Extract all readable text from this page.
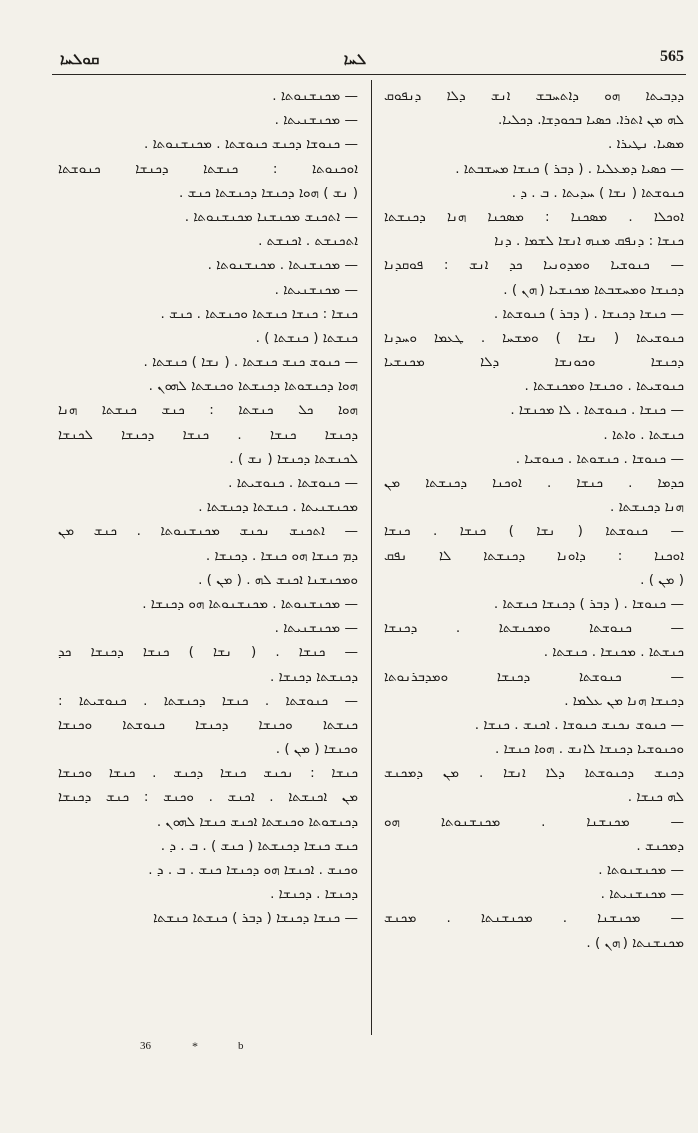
ܩܘܠܚܐ	ܠܚܐ	565
— ܡܟܢܫܢܘܬܐ .
— ܡܟܢܫܢܝܬܐ .
— ܟܢܘܫܐ ܕܟܢܫ ܟܢܘܫܬܐ . ܡܟܢܫܢܘܬܐ .
ܐܘܟܢܘܬܐ : ܟܢܫܬܐ ܕܟܢܫܐ ܟܢܘܫܬܐ
( ܢܫ ) ܗܘܐ ܕܟܢܫܐ ܕܟܢܫܬܐ ܟܢܫ .
— ܐܬܟܢܫ ܡܟܢܫܢܐ ܡܟܢܫܢܘܬܐ .
ܐܬܟܢܫܬ . ܐܟܢܫܬ .
— ܡܟܢܫܢܬܐ . ܡܟܢܫܢܘܬܐ .
— ܡܟܢܫܢܝܬܐ .
ܟܢܫܐ : ܟܢܫܐ ܟܢܫܬܐ ܘܟܢܫܬܐ . ܟܢܫ .
ܟܢܫܬܐ ( ܟܢܫܬܐ ) .
— ܟܢܘܫ ܟܢܫ ܟܢܫܬܐ . ( ܢܫܐ ) ܟܢܫܬܐ .
ܗܘܐ ܕܟܢܫܘܬܐ ܕܟܢܫܬܐ ܘܟܢܫܬܐ ܠܗܘܢ .
ܗܘܐ ܟܠ ܟܢܫܬܐ : ܟܢܫ ܟܢܫܬܐ ܗܢܐ
ܕܟܢܫܐ ܟܢܫܐ . ܟܢܫܐ ܕܟܢܫܐ ܠܟܢܫܐ
ܠܟܢܫܬܐ ܕܟܢܫܐ ( ܢܫ ) .
— ܟܢܘܫܬܐ . ܟܢܘܫܝܬܐ .
ܡܟܢܫܢܝܬܐ . ܟܢܫܬܐ ܕܟܢܫܬܐ .
— ܐܬܟܢܫ ܢܟܢܫ ܡܟܢܫܢܘܬܐ . ܟܢܫ ܡܢ
ܕܡ ܟܢܫܐ ܗܘ ܟܢܫܐ . ܕܟܢܫܐ .
ܘܡܟܢܫܢܐ ܐܟܢܫ ܠܗ . ( ܡܢ ) .
— ܡܟܢܫܢܘܬܐ . ܡܟܢܫܢܘܬܐ ܗܘ ܕܟܢܫܐ .
— ܡܟܢܫܢܝܬܐ .
— ܟܢܫܐ . ( ܢܫܐ ) ܟܢܫܐ ܕܟܢܫܐ ܟܕ
ܕܟܢܫܬܐ ܕܟܢܫܐ .
— ܟܢܘܫܬܐ . ܟܢܫܐ ܕܟܢܫܬܐ . ܟܢܘܫܝܬܐ :
ܟܢܫܬܐ ܘܟܢܫܐ ܕܟܢܫܐ ܟܢܘܫܬܐ ܘܟܢܫܐ
ܘܟܢܫܐ ( ܡܢ ) .
ܟܢܫܐ : ܢܟܢܫ ܟܢܫܐ ܕܟܢܫ . ܟܢܫܐ ܘܟܢܫܐ
ܡܢ ܐܟܢܫܬܐ . ܐܟܢܫ . ܘܟܢܫ : ܟܢܫ ܕܟܢܫܐ
ܕܟܢܫܘܬܐ ܘܟܢܫܬܐ ܐܟܢܫ ܟܢܫܐ ܠܗܘܢ .
ܟܢܫ ܟܢܫܐ ܕܟܢܫܬܐ ( ܟܢܫ ) . ܒ . ܕ .
ܘܟܢܫ . ܐܟܢܫܐ ܗܘ ܕܟܢܫܐ ܟܢܫ . ܒ . ܕ .
ܕܟܢܫܐ . ܕܟܢܫܐ .
— ܟܢܫܐ ܕܟܢܫܐ ( ܕܒܪ ) ܟܢܫܬܐ ܟܢܫܬܐ
ܕܕܒܝܬܐ ܗܘ ܕܐܬܚܒܫ ܐܢܫ ܕܠܐ ܕܢܦܘܩ
ܠܗ ܡܢ ܐܬܪܐ. ܟܣܝܐ ܒܟܘܕܫܐ. ܕܟܠܝܐ.
ܡܣܝܐ. ܢܛܝܪܐ .
— ܟܣܝܐ ܕܡܥܠܝܐ . ( ܕܒܪ ) ܟܢܫܐ ܡܚܫܒܬܐ .
ܟܢܘܫܬܐ ( ܢܫܐ ) ܚܕܝܬܐ . ܒ . ܕ .
ܐܘܟܠܐ . ܡܣܟܢܐ : ܡܣܟܢܐ ܗܢܐ ܕܟܢܫܬܐ
ܟܢܫܐ : ܕܢܦܩ ܡܢܗ ܐܢܫܐ ܠܫܡܐ . ܕܢܐ
— ܟܢܘܫܝܐ ܘܡܕܘܢܝܐ ܟܕ ܐܢܫ : ܦܘܩܕܢܐ
ܕܟܢܫܐ ܘܡܚܫܒܬܐ ܡܟܢܫܝܐ ( ܗܢ ) .
— ܟܢܫܐ ܕܟܢܫܐ . ( ܕܒܪ ) ܟܢܘܫܬܐ .
ܟܢܘܫܝܬܐ ( ܢܫܐ ) ܘܡܫܚܐ . ܛܥܡܐ ܘܚܕܢܐ
ܕܟܢܫܐ ܘܟܘܢܫܐ ܕܠܐ ܡܟܢܫܝܐ
ܟܢܘܫܝܬܐ . ܘܟܢܫܐ ܘܡܟܢܫܬܐ .
— ܟܢܫܐ . ܟܢܘܫܬܐ . ܠܐ ܡܟܢܫܐ .
ܟܢܫܬܐ . ܘܐܬܐ .
— ܟܢܘܫܐ . ܟܢܫܘܬܐ . ܟܢܘܫܝܐ .
ܟܕܡܐ . ܟܢܫܐ . ܐܘܟܢܐ ܕܟܢܫܬܐ ܡܢ
ܗܢܐ ܕܟܢܫܬܐ .
— ܟܢܘܫܬܐ ( ܢܫܐ ) ܟܢܫܐ . ܟܢܫܐ
ܐܘܟܢܐ : ܕܐܘܢܐ ܕܟܢܫܬܐ ܠܐ ܢܦܩ
( ܡܢ ) .
— ܟܢܘܫܐ . ( ܕܒܪ ) ܕܟܢܫܐ ܟܢܫܬܐ .
— ܟܢܘܫܬܐ ܘܡܟܢܫܬܐ . ܕܟܢܫܐ
ܟܢܫܬܐ . ܡܟܢܫܐ . ܟܢܫܬܐ .
— ܟܢܘܫܬܐ ܕܟܢܫܐ ܘܡܕܒܪܢܘܬܐ
ܕܟܢܫܐ ܗܢܐ ܡܢ ܥܠܡܐ .
— ܟܢܘܫ ܢܟܢܫ ܟܢܘܫܐ . ܐܟܢܫ . ܟܢܫܐ .
ܘܟܢܘܫܝܐ ܕܟܢܫܐ ܠܐܢܫ . ܗܘܐ ܟܢܫܐ .
ܕܟܢܫ ܕܟܢܘܫܬܐ ܕܠܐ ܐܢܫܐ . ܡܢ ܕܡܟܢܫ
ܠܗ ܟܢܫܐ .
— ܡܟܢܫܢܐ . ܡܟܢܫܢܘܬܐ ܗܘ
ܕܡܟܢܫ .
— ܡܟܢܫܢܘܬܐ .
— ܡܟܢܫܢܝܬܐ .
— ܡܟܢܫܢܐ . ܡܟܢܫܢܬܐ . ܡܟܢܫ
ܡܟܢܫܢܬܐ ( ܗܢ ) .
36	*	b
